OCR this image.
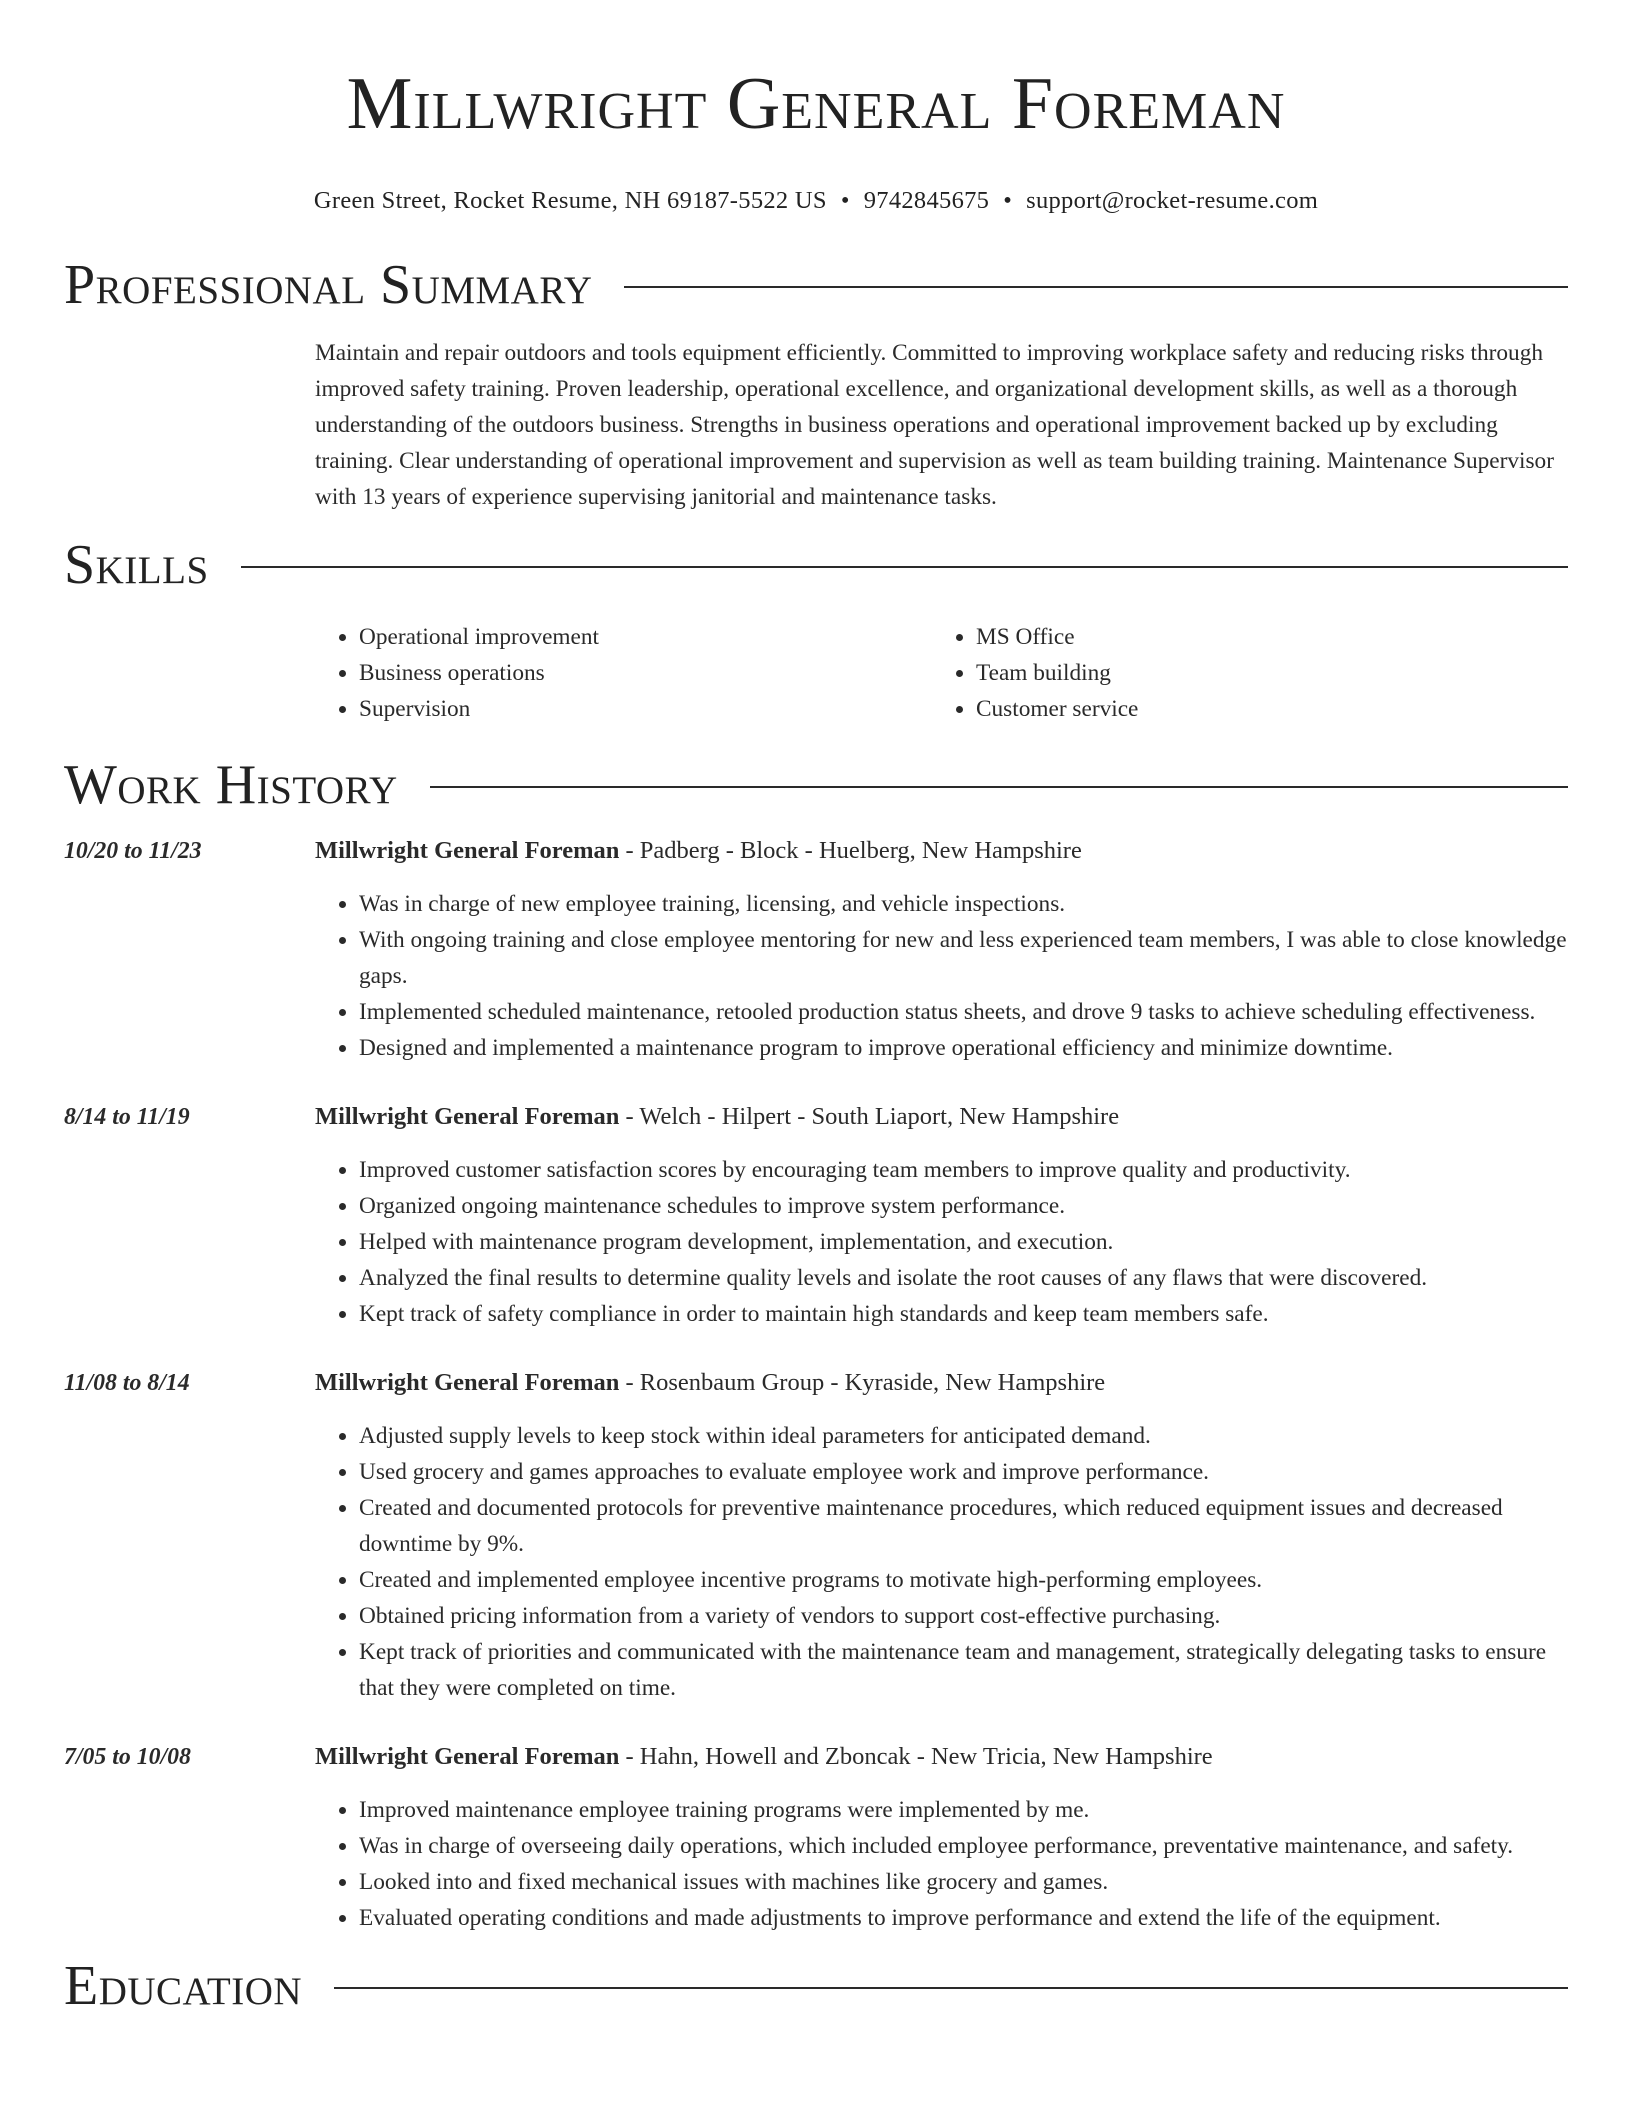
Millwright General Foreman
Green Street, Rocket Resume, NH 69187-5522 US • 9742845675 • support@rocket-resume.com
Professional Summary
Maintain and repair outdoors and tools equipment efficiently. Committed to improving workplace safety and reducing risks through improved safety training. Proven leadership, operational excellence, and organizational development skills, as well as a thorough understanding of the outdoors business. Strengths in business operations and operational improvement backed up by excluding training. Clear understanding of operational improvement and supervision as well as team building training. Maintenance Supervisor with 13 years of experience supervising janitorial and maintenance tasks.
Skills
• Operational improvement
• Business operations
• Supervision
• MS Office
• Team building
• Customer service
Work History
10/20 to 11/23	Millwright General Foreman - Padberg - Block - Huelberg, New Hampshire
• Was in charge of new employee training, licensing, and vehicle inspections.
• With ongoing training and close employee mentoring for new and less experienced team members, I was able to close knowledge gaps.
• Implemented scheduled maintenance, retooled production status sheets, and drove 9 tasks to achieve scheduling effectiveness.
• Designed and implemented a maintenance program to improve operational efficiency and minimize downtime.
8/14 to 11/19	Millwright General Foreman - Welch - Hilpert - South Liaport, New Hampshire
• Improved customer satisfaction scores by encouraging team members to improve quality and productivity.
• Organized ongoing maintenance schedules to improve system performance.
• Helped with maintenance program development, implementation, and execution.
• Analyzed the final results to determine quality levels and isolate the root causes of any flaws that were discovered.
• Kept track of safety compliance in order to maintain high standards and keep team members safe.
11/08 to 8/14	Millwright General Foreman - Rosenbaum Group - Kyraside, New Hampshire
• Adjusted supply levels to keep stock within ideal parameters for anticipated demand.
• Used grocery and games approaches to evaluate employee work and improve performance.
• Created and documented protocols for preventive maintenance procedures, which reduced equipment issues and decreased downtime by 9%.
• Created and implemented employee incentive programs to motivate high-performing employees.
• Obtained pricing information from a variety of vendors to support cost-effective purchasing.
• Kept track of priorities and communicated with the maintenance team and management, strategically delegating tasks to ensure that they were completed on time.
7/05 to 10/08	Millwright General Foreman - Hahn, Howell and Zboncak - New Tricia, New Hampshire
• Improved maintenance employee training programs were implemented by me.
• Was in charge of overseeing daily operations, which included employee performance, preventative maintenance, and safety.
• Looked into and fixed mechanical issues with machines like grocery and games.
• Evaluated operating conditions and made adjustments to improve performance and extend the life of the equipment.
Education
